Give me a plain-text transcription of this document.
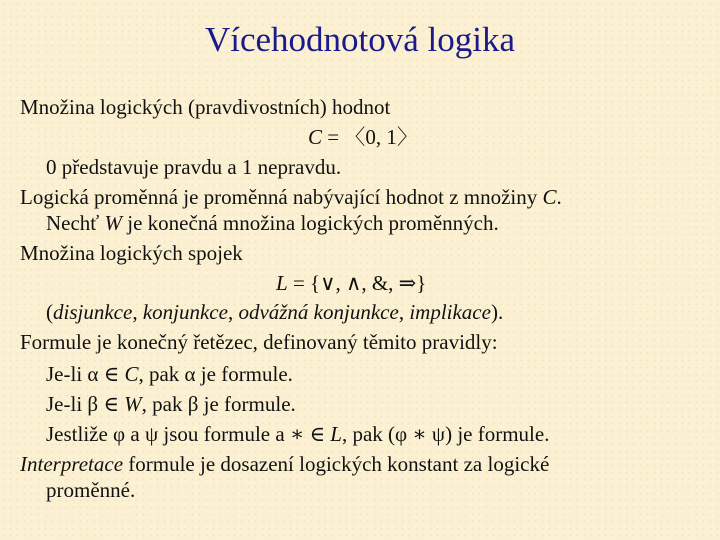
Vícehodnotová logika
Množina logických (pravdivostních) hodnot
C = 〈0, 1〉
0 představuje pravdu a 1 nepravdu.
Logická proměnná je proměnná nabývající hodnot z množiny C.
Nechť W je konečná množina logických proměnných.
Množina logických spojek
L = {∨, ∧, &, ⇒}
(disjunkce, konjunkce, odvážná konjunkce, implikace).
Formule je konečný řetězec, definovaný těmito pravidly:
Je-li α ∈ C, pak α je formule.
Je-li β ∈ W, pak β je formule.
Jestliže φ a ψ jsou formule a ∗ ∈ L, pak (φ ∗ ψ) je formule.
Interpretace formule je dosazení logických konstant za logické
proměnné.
